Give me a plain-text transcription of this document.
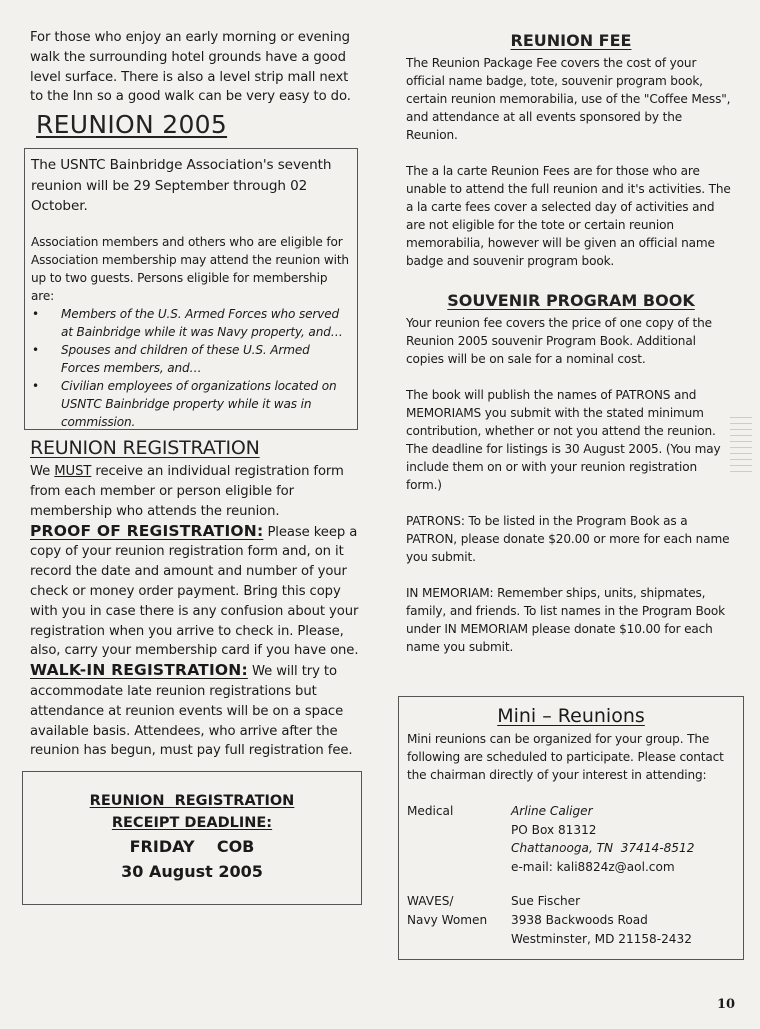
For those who enjoy an early morning or evening walk the surrounding hotel grounds have a good level surface. There is also a level strip mall next to the Inn so a good walk can be very easy to do.

REUNION 2005

The USNTC Bainbridge Association's seventh reunion will be 29 September through 02 October.

Association members and others who are eligible for Association membership may attend the reunion with up to two guests. Persons eligible for membership are:

• Members of the U.S. Armed Forces who served at Bainbridge while it was Navy property, and…
• Spouses and children of these U.S. Armed Forces members, and…
• Civilian employees of organizations located on USNTC Bainbridge property while it was in commission.
REUNION REGISTRATION

We MUST receive an individual registration form from each member or person eligible for membership who attends the reunion.

PROOF OF REGISTRATION: Please keep a copy of your reunion registration form and, on it record the date and amount and number of your check or money order payment. Bring this copy with you in case there is any confusion about your registration when you arrive to check in. Please, also, carry your membership card if you have one.

WALK-IN REGISTRATION: We will try to accommodate late reunion registrations but attendance at reunion events will be on a space available basis. Attendees, who arrive after the reunion has begun, must pay full registration fee.

REUNION  REGISTRATION
RECEIPT DEADLINE:
FRIDAY    COB
30 August 2005
REUNION FEE

The Reunion Package Fee covers the cost of your official name badge, tote, souvenir program book, certain reunion memorabilia, use of the "Coffee Mess", and attendance at all events sponsored by the Reunion.

The a la carte Reunion Fees are for those who are unable to attend the full reunion and it's activities. The a la carte fees cover a selected day of activities and are not eligible for the tote or certain reunion memorabilia, however will be given an official name badge and souvenir program book.

SOUVENIR PROGRAM BOOK

Your reunion fee covers the price of one copy of the Reunion 2005 souvenir Program Book. Additional copies will be on sale for a nominal cost.

The book will publish the names of PATRONS and MEMORIAMS you submit with the stated minimum contribution, whether or not you attend the reunion. The deadline for listings is 30 August 2005. (You may include them on or with your reunion registration form.)

PATRONS: To be listed in the Program Book as a PATRON, please donate $20.00 or more for each name you submit.

IN MEMORIAM: Remember ships, units, shipmates, family, and friends. To list names in the Program Book under IN MEMORIAM please donate $10.00 for each name you submit.

Mini – Reunions

Mini reunions can be organized for your group. The following are scheduled to participate. Please contact the chairman directly of your interest in attending:

Medical	Arline Caliger
PO Box 81312
Chattanooga, TN  37414-8512
e-mail: kali8824z@aol.com
WAVES/
Navy Women
Sue Fischer
3938 Backwoods Road
Westminster, MD 21158-2432
10
